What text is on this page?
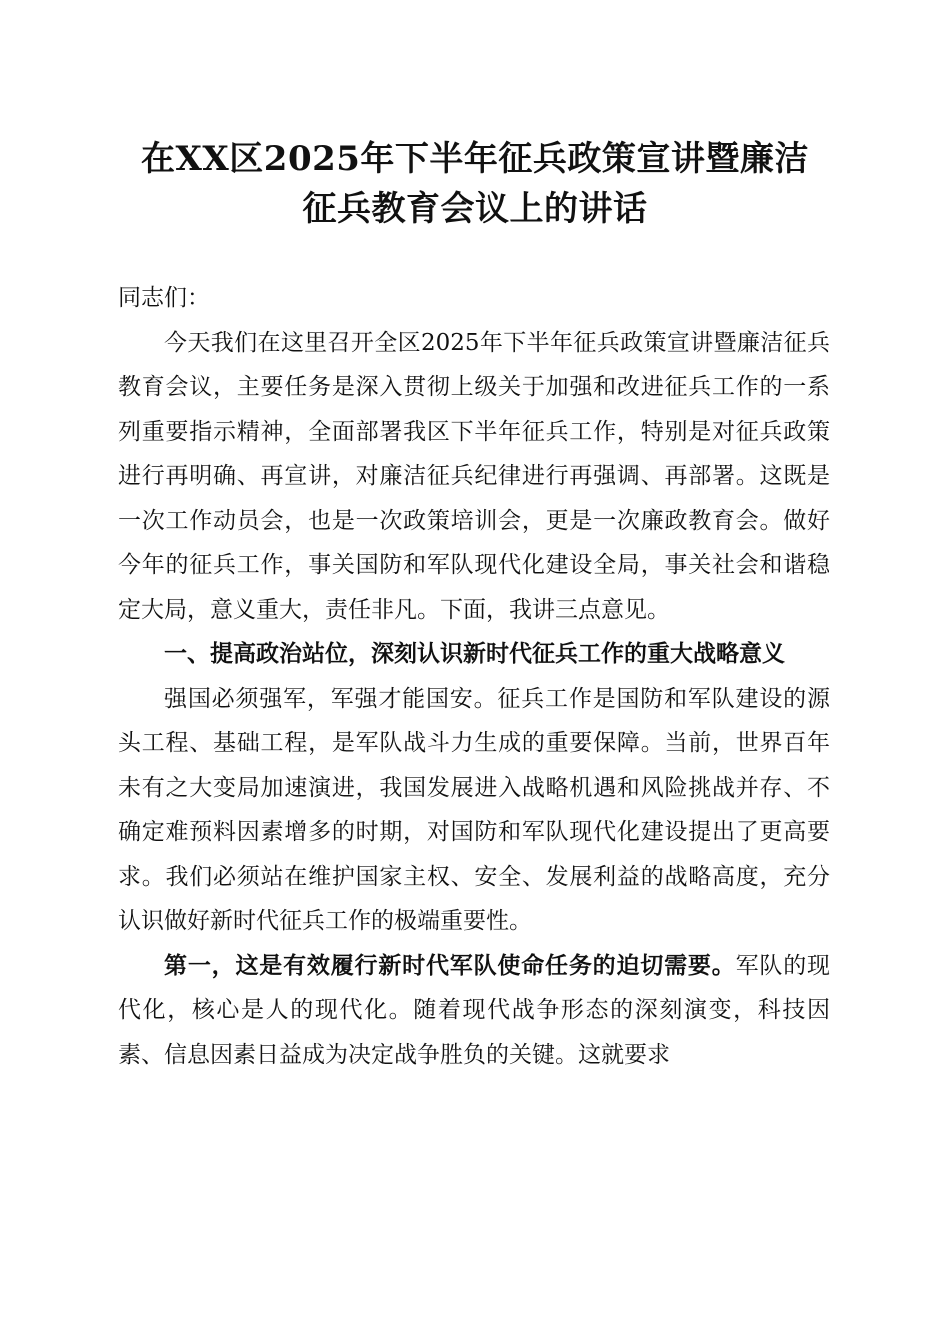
在XX区2025年下半年征兵政策宣讲暨廉洁
征兵教育会议上的讲话

同志们：

今天我们在这里召开全区2025年下半年征兵政策宣讲暨廉洁征兵教育会议，主要任务是深入贯彻上级关于加强和改进征兵工作的一系列重要指示精神，全面部署我区下半年征兵工作，特别是对征兵政策进行再明确、再宣讲，对廉洁征兵纪律进行再强调、再部署。这既是一次工作动员会，也是一次政策培训会，更是一次廉政教育会。做好今年的征兵工作，事关国防和军队现代化建设全局，事关社会和谐稳定大局，意义重大，责任非凡。下面，我讲三点意见。

一、提高政治站位，深刻认识新时代征兵工作的重大战略意义

强国必须强军，军强才能国安。征兵工作是国防和军队建设的源头工程、基础工程，是军队战斗力生成的重要保障。当前，世界百年未有之大变局加速演进，我国发展进入战略机遇和风险挑战并存、不确定难预料因素增多的时期，对国防和军队现代化建设提出了更高要求。我们必须站在维护国家主权、安全、发展利益的战略高度，充分认识做好新时代征兵工作的极端重要性。

第一，这是有效履行新时代军队使命任务的迫切需要。军队的现代化，核心是人的现代化。随着现代战争形态的深刻演变，科技因素、信息因素日益成为决定战争胜负的关键。这就要求
